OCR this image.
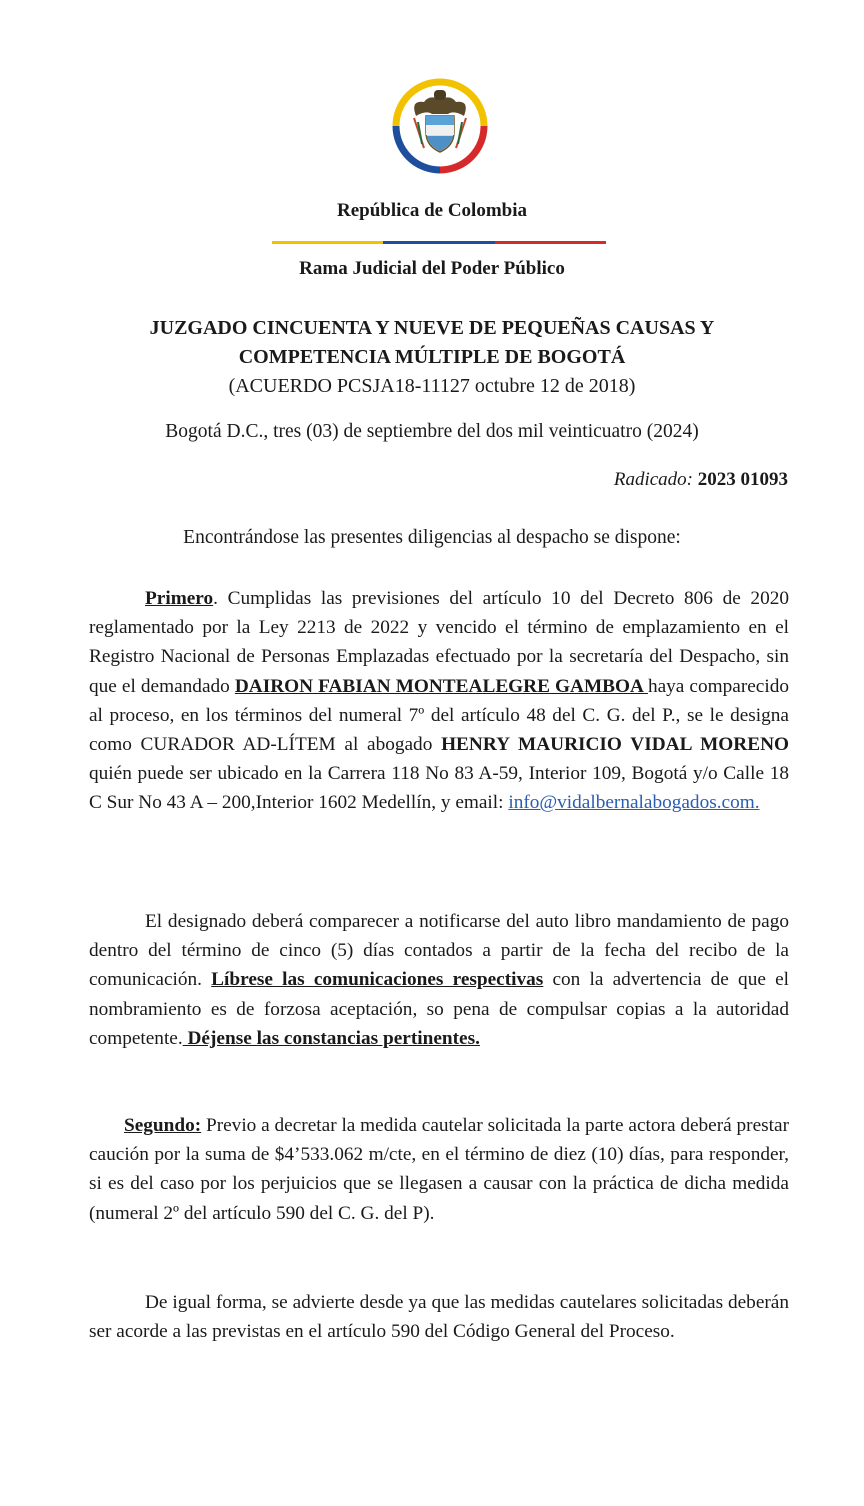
República de Colombia
Rama Judicial del Poder Público
JUZGADO CINCUENTA Y NUEVE DE PEQUEÑAS CAUSAS Y
COMPETENCIA MÚLTIPLE DE BOGOTÁ
(ACUERDO PCSJA18-11127 octubre 12 de 2018)
Bogotá D.C., tres (03) de septiembre del dos mil veinticuatro (2024)
Radicado: 2023 01093
Encontrándose las presentes diligencias al despacho se dispone:
Primero. Cumplidas las previsiones del artículo 10 del Decreto 806 de 2020 reglamentado por la Ley 2213 de 2022 y vencido el término de emplazamiento en el Registro Nacional de Personas Emplazadas efectuado por la secretaría del Despacho, sin que el demandado DAIRON FABIAN MONTEALEGRE GAMBOA haya comparecido al proceso, en los términos del numeral 7º del artículo 48 del C. G. del P., se le designa como CURADOR AD-LÍTEM al abogado HENRY MAURICIO VIDAL MORENO quién puede ser ubicado en la Carrera 118 No 83 A-59, Interior 109, Bogotá y/o Calle 18 C Sur No 43 A – 200,Interior 1602 Medellín, y email: info@vidalbernalabogados.com.
El designado deberá comparecer a notificarse del auto libro mandamiento de pago dentro del término de cinco (5) días contados a partir de la fecha del recibo de la comunicación. Líbrese las comunicaciones respectivas con la advertencia de que el nombramiento es de forzosa aceptación, so pena de compulsar copias a la autoridad competente. Déjense las constancias pertinentes.
Segundo: Previo a decretar la medida cautelar solicitada la parte actora deberá prestar caución por la suma de $4’533.062 m/cte, en el término de diez (10) días, para responder, si es del caso por los perjuicios que se llegasen a causar con la práctica de dicha medida (numeral 2º del artículo 590 del C. G. del P).
De igual forma, se advierte desde ya que las medidas cautelares solicitadas deberán ser acorde a las previstas en el artículo 590 del Código General del Proceso.
